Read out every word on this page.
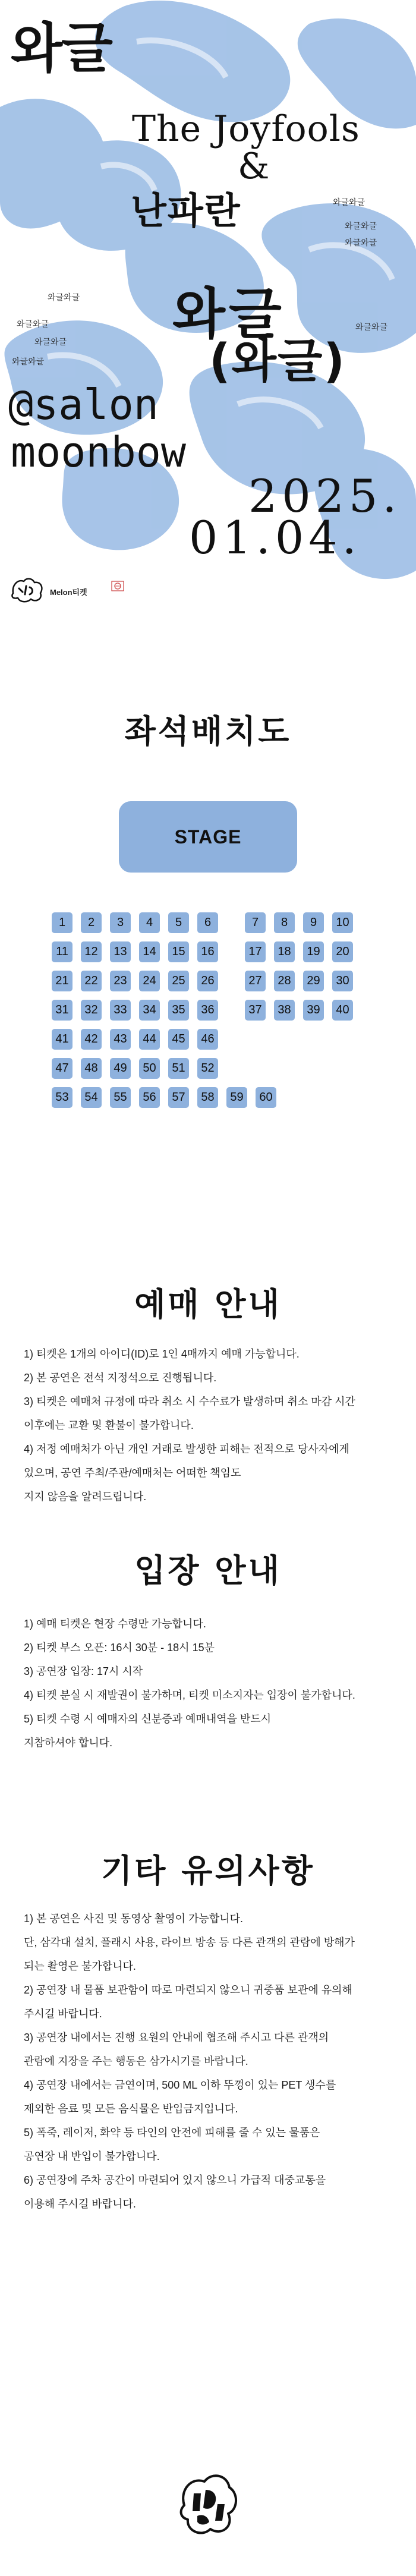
와글
The Joyfools
&
난파란
와글
(와글)
@salon
moonbow
2025.
01.04.
와글와글
와글와글
와글와글
와글와글
와글와글
와글와글
와글와글
와글와글
Melon티켓
좌석배치도
STAGE
1	2	3	4	5	6	7	8	9	10
11	12	13	14	15	16	17	18	19	20
21	22	23	24	25	26	27	28	29	30
31	32	33	34	35	36	37	38	39	40
41	42	43	44	45	46
47	48	49	50	51	52
53	54	55	56	57	58	59	60
예매 안내
1) 티켓은 1개의 아이디(ID)로 1인 4매까지 예매 가능합니다.
2) 본 공연은 전석 지정석으로 진행됩니다.
3) 티켓은 예매처 규정에 따라 취소 시 수수료가 발생하며 취소 마감 시간
이후에는 교환 및 환불이 불가합니다.
4) 저정 예매처가 아닌 개인 거래로 발생한 피해는 전적으로 당사자에게
있으며, 공연 주최/주관/예매처는 어떠한 책임도
지지 않음을 알려드립니다.
입장 안내
1) 예매 티켓은 현장 수령만 가능합니다.
2) 티켓 부스 오픈: 16시 30분 - 18시 15분
3) 공연장 입장: 17시 시작
4) 티켓 분실 시 재발권이 불가하며, 티켓 미소지자는 입장이 불가합니다.
5) 티켓 수령 시 예매자의 신분증과 예매내역을 반드시
지참하셔야 합니다.
기타 유의사항
1) 본 공연은 사진 및 동영상 촬영이 가능합니다.
단, 삼각대 설치, 플래시 사용, 라이브 방송 등 다른 관객의 관람에 방해가
되는 촬영은 불가합니다.
2) 공연장 내 물품 보관함이 따로 마련되지 않으니 귀중품 보관에 유의해
주시길 바랍니다.
3) 공연장 내에서는 진행 요원의 안내에 협조해 주시고 다른 관객의
관람에 지장을 주는 행동은 삼가시기를 바랍니다.
4) 공연장 내에서는 금연이며, 500 ML 이하 뚜껑이 있는 PET 생수를
제외한 음료 및 모든 음식물은 반입금지입니다.
5) 폭죽, 레이저, 화약 등 타인의 안전에 피해를 줄 수 있는 물품은
공연장 내 반입이 불가합니다.
6) 공연장에 주차 공간이 마련되어 있지 않으니 가급적 대중교통을
이용해 주시길 바랍니다.
